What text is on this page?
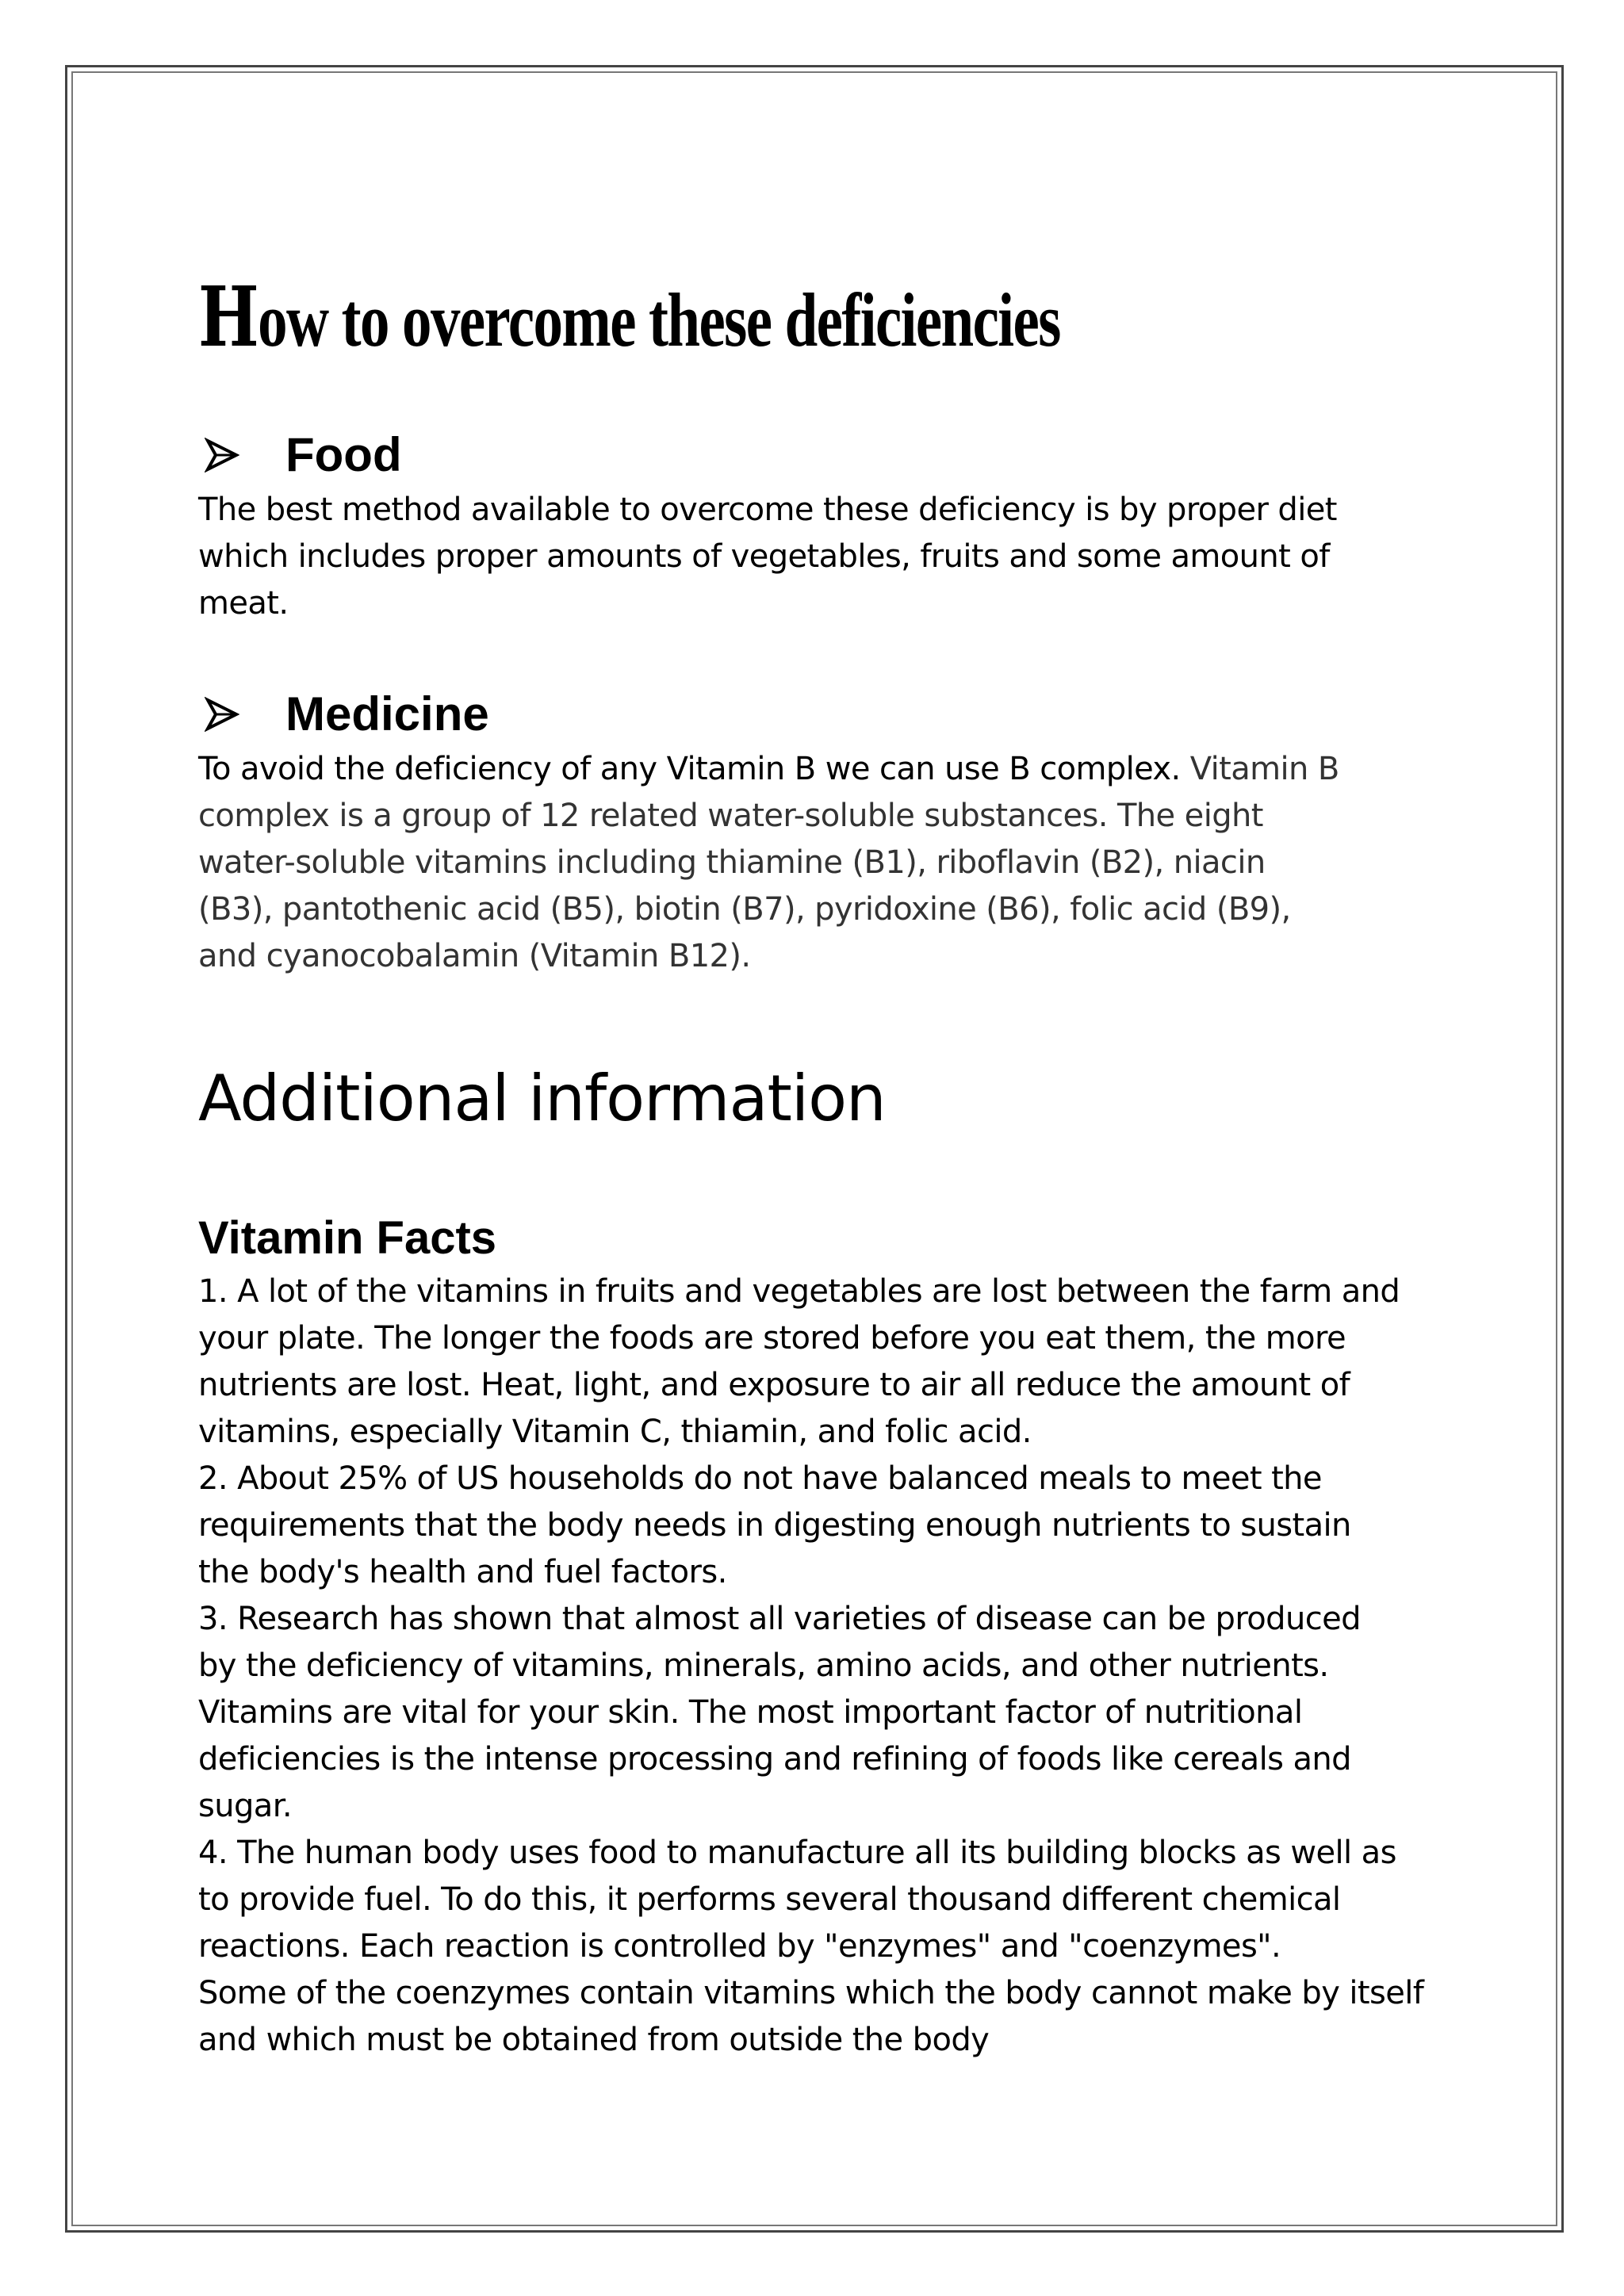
How to overcome these deficiencies
Food

The best method available to overcome these deficiency is by proper diet
which includes proper amounts of vegetables, fruits and some amount of
meat.

Medicine

To avoid the deficiency of any Vitamin B we can use B complex. Vitamin B
complex is a group of 12 related water-soluble substances. The eight
water-soluble vitamins including thiamine (B1), riboflavin (B2), niacin
(B3), pantothenic acid (B5), biotin (B7), pyridoxine (B6), folic acid (B9),
and cyanocobalamin (Vitamin B12).

Additional information
Vitamin Facts

1. A lot of the vitamins in fruits and vegetables are lost between the farm and
your plate. The longer the foods are stored before you eat them, the more
nutrients are lost. Heat, light, and exposure to air all reduce the amount of
vitamins, especially Vitamin C, thiamin, and folic acid.

2. About 25% of US households do not have balanced meals to meet the
requirements that the body needs in digesting enough nutrients to sustain
the body's health and fuel factors.

3. Research has shown that almost all varieties of disease can be produced
by the deficiency of vitamins, minerals, amino acids, and other nutrients.
Vitamins are vital for your skin. The most important factor of nutritional
deficiencies is the intense processing and refining of foods like cereals and
sugar.

4. The human body uses food to manufacture all its building blocks as well as
to provide fuel. To do this, it performs several thousand different chemical
reactions. Each reaction is controlled by "enzymes" and "coenzymes".
Some of the coenzymes contain vitamins which the body cannot make by itself
and which must be obtained from outside the body
